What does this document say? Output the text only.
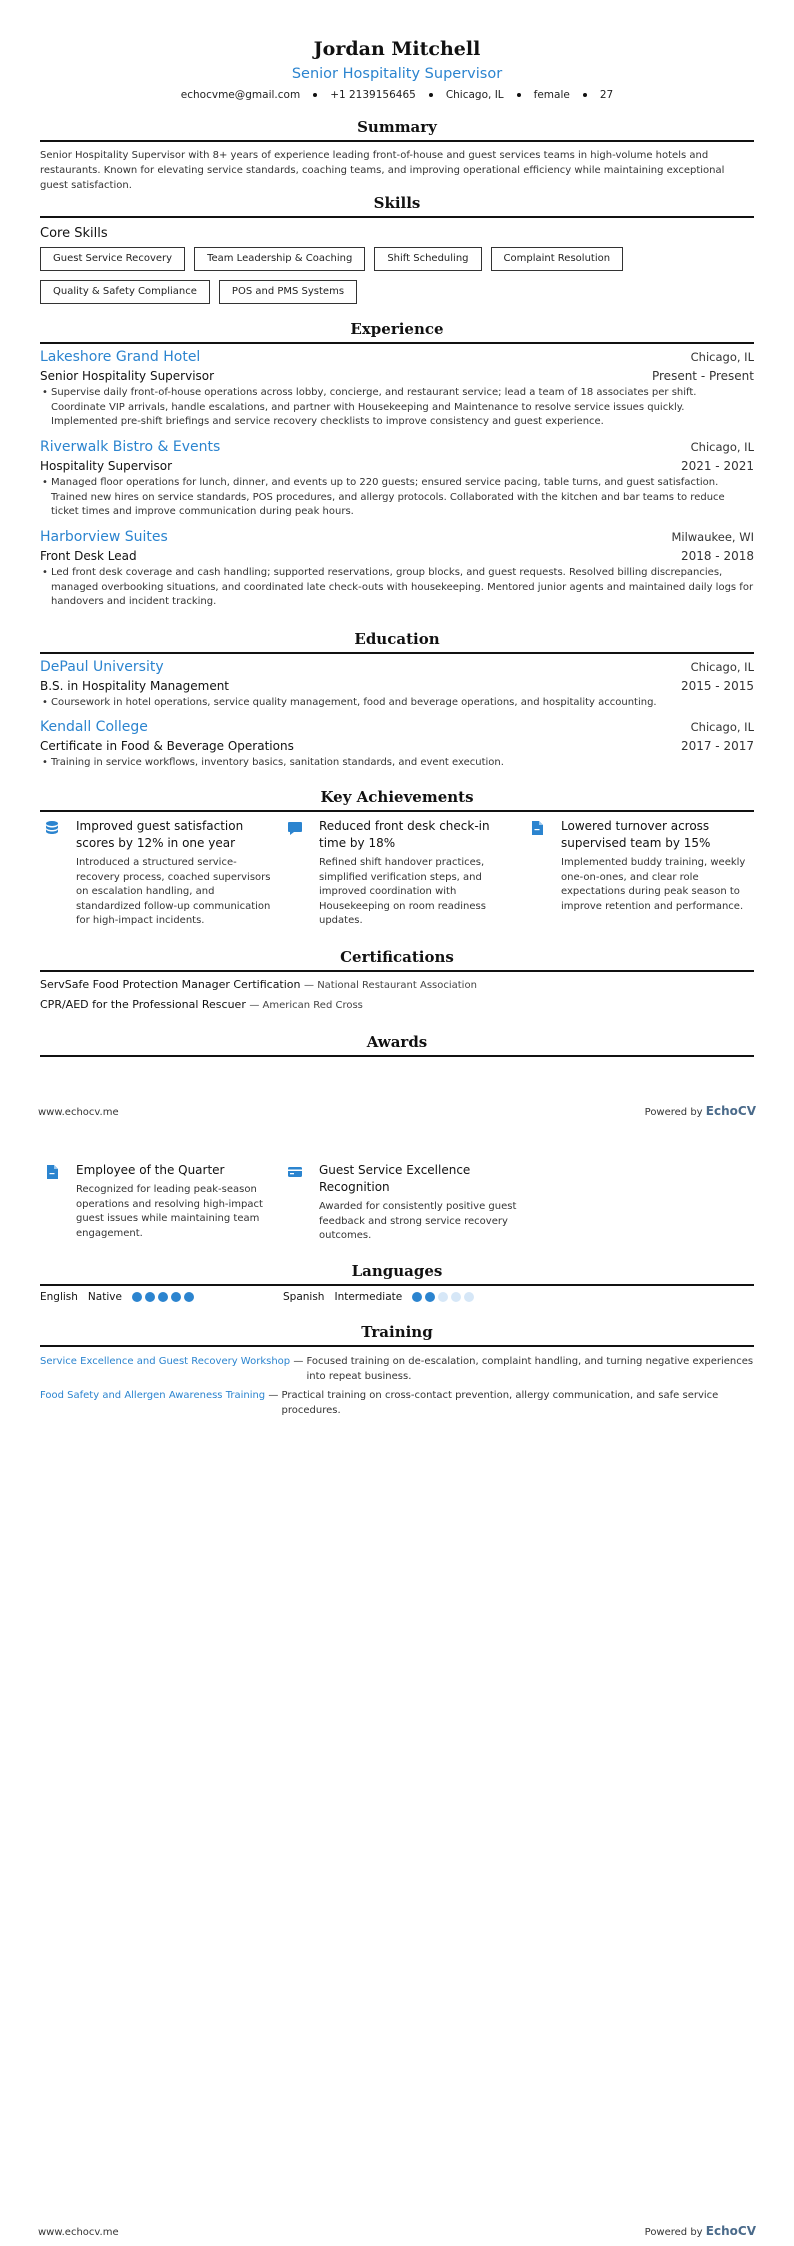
Jordan Mitchell
Senior Hospitality Supervisor
echocvme@gmail.com	+1 2139156465	Chicago, IL	female	27
Summary
Senior Hospitality Supervisor with 8+ years of experience leading front-of-house and guest services teams in high-volume hotels and restaurants. Known for elevating service standards, coaching teams, and improving operational efficiency while maintaining exceptional guest satisfaction.
Skills
Core Skills
Guest Service Recovery	Team Leadership & Coaching	Shift Scheduling	Complaint Resolution
Quality & Safety Compliance	POS and PMS Systems
Experience
Lakeshore Grand Hotel	Chicago, IL
Senior Hospitality Supervisor	Present - Present
• Supervise daily front-of-house operations across lobby, concierge, and restaurant service; lead a team of 18 associates per shift. Coordinate VIP arrivals, handle escalations, and partner with Housekeeping and Maintenance to resolve service issues quickly. Implemented pre-shift briefings and service recovery checklists to improve consistency and guest experience.
Riverwalk Bistro & Events	Chicago, IL
Hospitality Supervisor	2021 - 2021
• Managed floor operations for lunch, dinner, and events up to 220 guests; ensured service pacing, table turns, and guest satisfaction. Trained new hires on service standards, POS procedures, and allergy protocols. Collaborated with the kitchen and bar teams to reduce ticket times and improve communication during peak hours.
Harborview Suites	Milwaukee, WI
Front Desk Lead	2018 - 2018
• Led front desk coverage and cash handling; supported reservations, group blocks, and guest requests. Resolved billing discrepancies, managed overbooking situations, and coordinated late check-outs with housekeeping. Mentored junior agents and maintained daily logs for handovers and incident tracking.
Education
DePaul University	Chicago, IL
B.S. in Hospitality Management	2015 - 2015
• Coursework in hotel operations, service quality management, food and beverage operations, and hospitality accounting.
Kendall College	Chicago, IL
Certificate in Food & Beverage Operations	2017 - 2017
• Training in service workflows, inventory basics, sanitation standards, and event execution.
Key Achievements
Improved guest satisfaction scores by 12% in one year
Introduced a structured service-recovery process, coached supervisors on escalation handling, and standardized follow-up communication for high-impact incidents.
Reduced front desk check-in time by 18%
Refined shift handover practices, simplified verification steps, and improved coordination with Housekeeping on room readiness updates.
Lowered turnover across supervised team by 15%
Implemented buddy training, weekly one-on-ones, and clear role expectations during peak season to improve retention and performance.
Certifications
ServSafe Food Protection Manager Certification — National Restaurant Association
CPR/AED for the Professional Rescuer — American Red Cross
Awards
www.echocv.me	Powered by EchoCV
Employee of the Quarter
Recognized for leading peak-season operations and resolving high-impact guest issues while maintaining team engagement.
Guest Service Excellence Recognition
Awarded for consistently positive guest feedback and strong service recovery outcomes.
Languages
English Native	Spanish Intermediate
Training
Service Excellence and Guest Recovery Workshop — Focused training on de-escalation, complaint handling, and turning negative experiences into repeat business.
Food Safety and Allergen Awareness Training — Practical training on cross-contact prevention, allergy communication, and safe service procedures.
www.echocv.me	Powered by EchoCV
